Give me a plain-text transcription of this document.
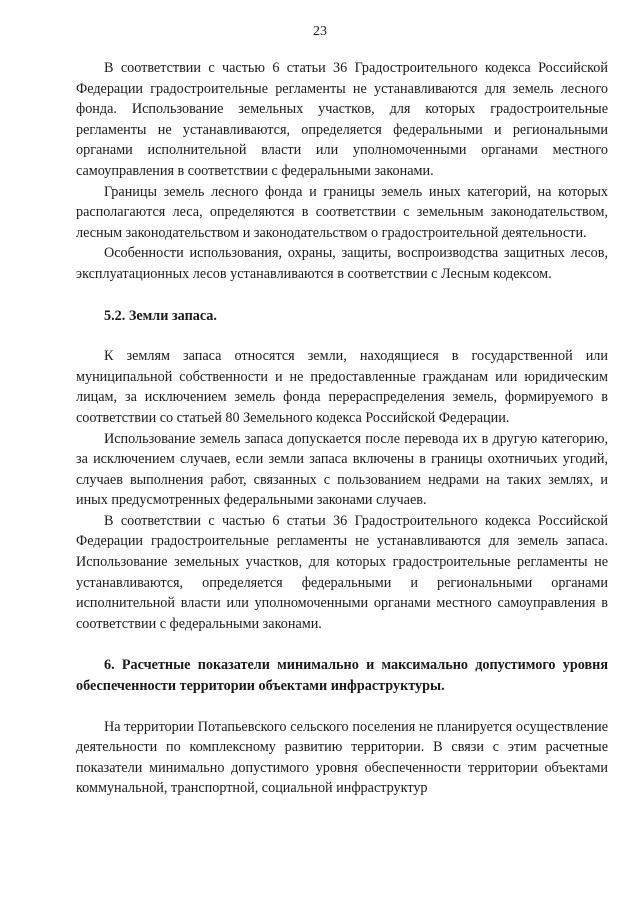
23

В соответствии с частью 6 статьи 36 Градостроительного кодекса Российской Федерации градостроительные регламенты не устанавливаются для земель лесного фонда. Использование земельных участков, для которых градостроительные регламенты не устанавливаются, определяется федеральными и региональными органами исполнительной власти или уполномоченными органами местного самоуправления в соответствии с федеральными законами.

Границы земель лесного фонда и границы земель иных категорий, на которых располагаются леса, определяются в соответствии с земельным законодательством, лесным законодательством и законодательством о градостроительной деятельности.

Особенности использования, охраны, защиты, воспроизводства защитных лесов, эксплуатационных лесов устанавливаются в соответствии с Лесным кодексом.

5.2. Земли запаса.

К землям запаса относятся земли, находящиеся в государственной или муниципальной собственности и не предоставленные гражданам или юридическим лицам, за исключением земель фонда перераспределения земель, формируемого в соответствии со статьей 80 Земельного кодекса Российской Федерации.

Использование земель запаса допускается после перевода их в другую категорию, за исключением случаев, если земли запаса включены в границы охотничьих угодий, случаев выполнения работ, связанных с пользованием недрами на таких землях, и иных предусмотренных федеральными законами случаев.

В соответствии с частью 6 статьи 36 Градостроительного кодекса Российской Федерации градостроительные регламенты не устанавливаются для земель запаса. Использование земельных участков, для которых градостроительные регламенты не устанавливаются, определяется федеральными и региональными органами исполнительной власти или уполномоченными органами местного самоуправления в соответствии с федеральными законами.

6. Расчетные показатели минимально и максимально допустимого уровня обеспеченности территории объектами инфраструктуры.

На территории Потапьевского сельского поселения не планируется осуществление деятельности по комплексному развитию территории. В связи с этим расчетные показатели минимально допустимого уровня обеспеченности территории объектами коммунальной, транспортной, социальной инфраструктур
